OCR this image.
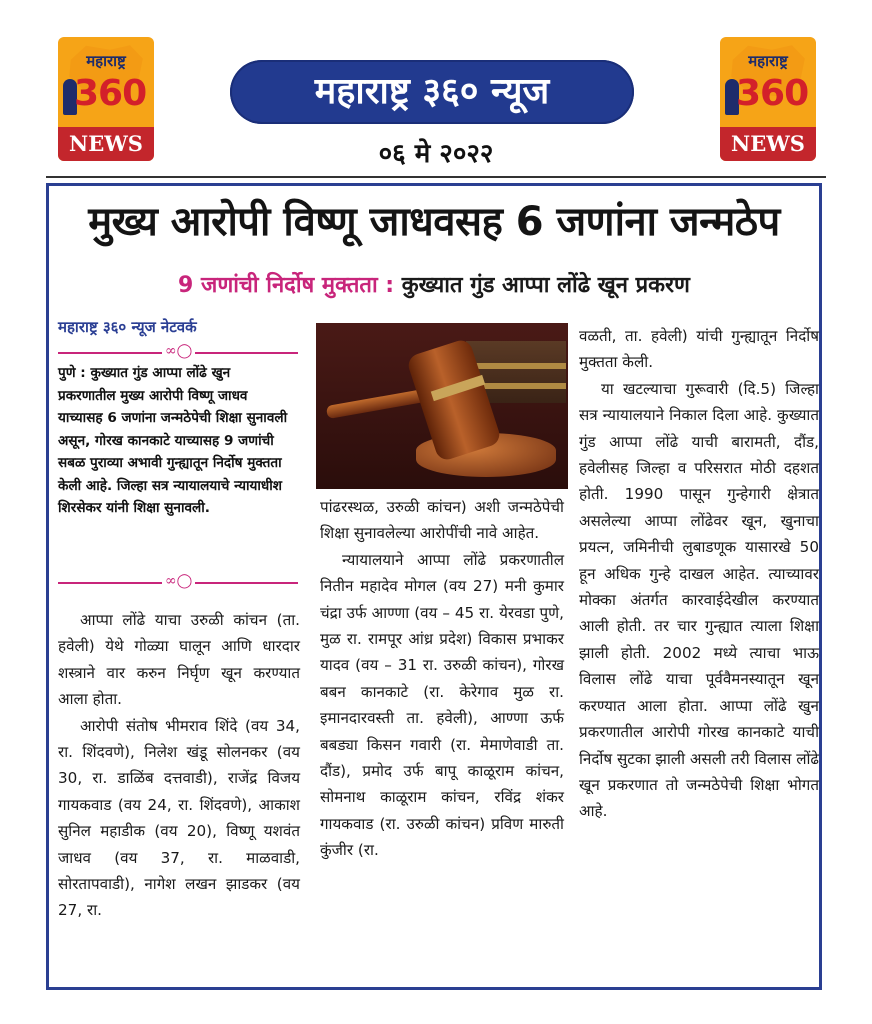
महाराष्ट्र
360
NEWS
महाराष्ट्र
360
NEWS
महाराष्ट्र ३६० न्यूज
०६ मे २०२२
मुख्य आरोपी विष्णू जाधवसह 6 जणांना जन्मठेप
9 जणांची निर्दोष मुक्तता : कुख्यात गुंड आप्पा लोंढे खून प्रकरण
महाराष्ट्र ३६० न्यूज नेटवर्क
∞◯
पुणे : कुख्यात गुंड आप्पा लोंढे खुन प्रकरणातील मुख्य आरोपी विष्णू जाधव याच्यासह 6 जणांना जन्मठेपेची शिक्षा सुनावली असून, गोरख कानकाटे याच्यासह 9 जणांची सबळ पुराव्या अभावी गुन्ह्यातून निर्दोष मुक्तता केली आहे. जिल्हा सत्र न्यायालयाचे न्यायाधीश शिरसेकर यांनी शिक्षा सुनावली.
∞◯

आप्पा लोंढे याचा उरुळी कांचन (ता. हवेली) येथे गोळ्या घालून आणि धारदार शस्त्राने वार करुन निर्घृण खून करण्यात आला होता.

आरोपी संतोष भीमराव शिंदे (वय 34, रा. शिंदवणे), निलेश खंडू सोलनकर (वय 30, रा. डाळिंब दत्तवाडी), राजेंद्र विजय गायकवाड (वय 24, रा. शिंदवणे), आकाश सुनिल महाडीक (वय 20), विष्णू यशवंत जाधव (वय 37, रा. माळवाडी, सोरतापवाडी), नागेश लखन झाडकर (वय 27, रा.

पांढरस्थळ, उरुळी कांचन) अशी जन्मठेपेची शिक्षा सुनावलेल्या आरोपींची नावे आहेत.

न्यायालयाने आप्पा लोंढे प्रकरणातील नितीन महादेव मोगल (वय 27) मनी कुमार चंद्रा उर्फ आण्णा (वय – 45 रा. येरवडा पुणे, मुळ रा. रामपूर आंध्र प्रदेश) विकास प्रभाकर यादव (वय – 31 रा. उरुळी कांचन), गोरख बबन कानकाटे (रा. केरेगाव मुळ रा. इमानदारवस्ती ता. हवेली), आण्णा ऊर्फ बबड्या किसन गवारी (रा. मेमाणेवाडी ता. दौंड), प्रमोद उर्फ बापू काळूराम कांचन, सोमनाथ काळूराम कांचन, रविंद्र शंकर गायकवाड (रा. उरुळी कांचन) प्रविण मारुती कुंजीर (रा.

वळती, ता. हवेली) यांची गुन्ह्यातून निर्दोष मुक्तता केली.

या खटल्याचा गुरूवारी (दि.5) जिल्हा सत्र न्यायालयाने निकाल दिला आहे. कुख्यात गुंड आप्पा लोंढे याची बारामती, दौंड, हवेलीसह जिल्हा व परिसरात मोठी दहशत होती. 1990 पासून गुन्हेगारी क्षेत्रात असलेल्या आप्पा लोंढेवर खून, खुनाचा प्रयत्न, जमिनीची लुबाडणूक यासारखे 50 हून अधिक गुन्हे दाखल आहेत. त्याच्यावर मोक्का अंतर्गत कारवाईदेखील करण्यात आली होती. तर चार गुन्ह्यात त्याला शिक्षा झाली होती. 2002 मध्ये त्याचा भाऊ विलास लोंढे याचा पूर्ववैमनस्यातून खून करण्यात आला होता. आप्पा लोंढे खुन प्रकरणातील आरोपी गोरख कानकाटे याची निर्दोष सुटका झाली असली तरी विलास लोंढे खून प्रकरणात तो जन्मठेपेची शिक्षा भोगत आहे.
